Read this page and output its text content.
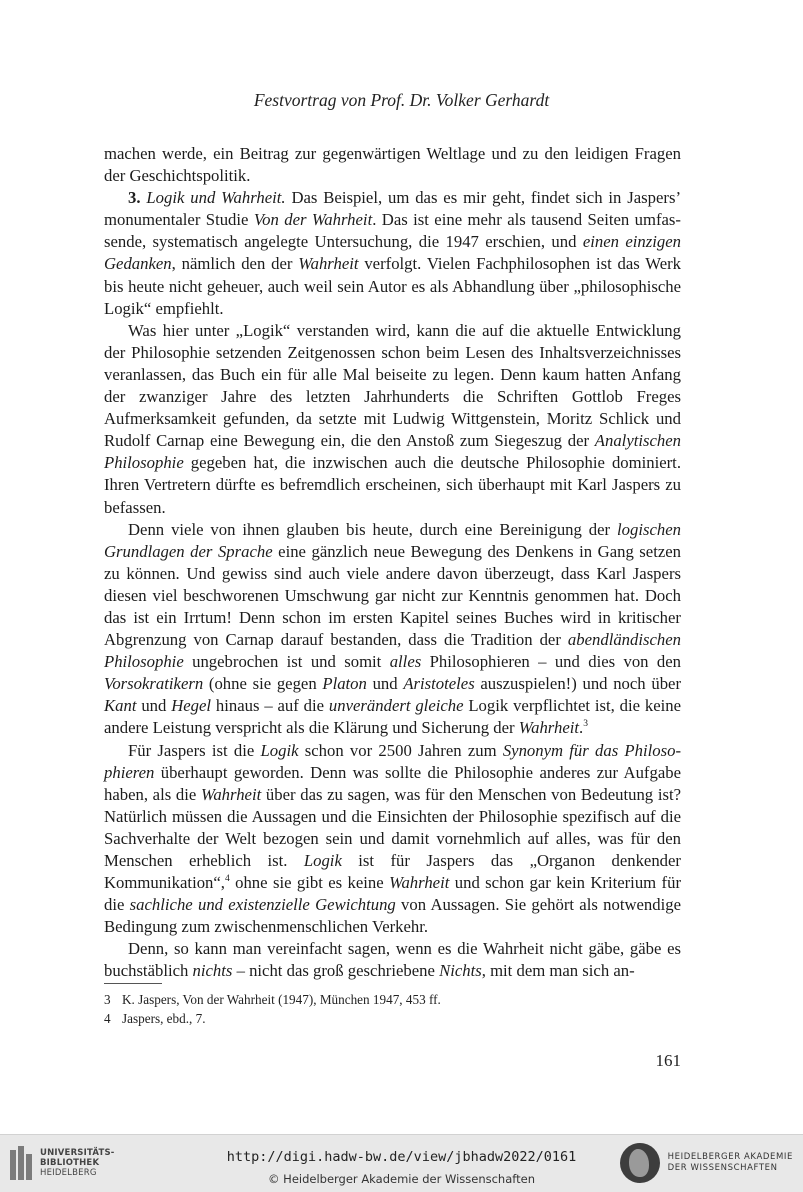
Festvortrag von Prof. Dr. Volker Gerhardt

machen werde, ein Beitrag zur gegenwärtigen Weltlage und zu den leidigen Fragen der Geschichtspolitik.

3. Logik und Wahrheit. Das Beispiel, um das es mir geht, findet sich in Jaspers’ monumentaler Studie Von der Wahrheit. Das ist eine mehr als tausend Seiten umfassende, systematisch angelegte Untersuchung, die 1947 erschien, und einen einzigen Gedanken, nämlich den der Wahrheit verfolgt. Vielen Fachphilosophen ist das Werk bis heute nicht geheuer, auch weil sein Autor es als Abhandlung über „philosophische Logik“ empfiehlt.

Was hier unter „Logik“ verstanden wird, kann die auf die aktuelle Entwicklung der Philosophie setzenden Zeitgenossen schon beim Lesen des Inhaltsverzeichnisses veranlassen, das Buch ein für alle Mal beiseite zu legen. Denn kaum hatten Anfang der zwanziger Jahre des letzten Jahrhunderts die Schriften Gottlob Freges Aufmerksamkeit gefunden, da setzte mit Ludwig Wittgenstein, Moritz Schlick und Rudolf Carnap eine Bewegung ein, die den Anstoß zum Siegeszug der Analytischen Philosophie gegeben hat, die inzwischen auch die deutsche Philosophie dominiert. Ihren Vertretern dürfte es befremdlich erscheinen, sich überhaupt mit Karl Jaspers zu befassen.

Denn viele von ihnen glauben bis heute, durch eine Bereinigung der logischen Grundlagen der Sprache eine gänzlich neue Bewegung des Denkens in Gang setzen zu können. Und gewiss sind auch viele andere davon überzeugt, dass Karl Jaspers diesen viel beschworenen Umschwung gar nicht zur Kenntnis genommen hat. Doch das ist ein Irrtum! Denn schon im ersten Kapitel seines Buches wird in kritischer Abgrenzung von Carnap darauf bestanden, dass die Tradition der abendländischen Philosophie ungebrochen ist und somit alles Philosophieren – und dies von den Vorsokratikern (ohne sie gegen Platon und Aristoteles auszuspielen!) und noch über Kant und Hegel hinaus – auf die unverändert gleiche Logik verpflichtet ist, die keine andere Leistung verspricht als die Klärung und Sicherung der Wahrheit.$^3$

Für Jaspers ist die Logik schon vor 2500 Jahren zum Synonym für das Philosophieren überhaupt geworden. Denn was sollte die Philosophie anderes zur Aufgabe haben, als die Wahrheit über das zu sagen, was für den Menschen von Bedeutung ist? Natürlich müssen die Aussagen und die Einsichten der Philosophie spezifisch auf die Sachverhalte der Welt bezogen sein und damit vornehmlich auf alles, was für den Menschen erheblich ist. Logik ist für Jaspers das „Organon denkender Kommunikation“,$^4$ ohne sie gibt es keine Wahrheit und schon gar kein Kriterium für die sachliche und existenzielle Gewichtung von Aussagen. Sie gehört als notwendige Bedingung zum zwischenmenschlichen Verkehr.

Denn, so kann man vereinfacht sagen, wenn es die Wahrheit nicht gäbe, gäbe es buchstäblich nichts – nicht das groß geschriebene Nichts, mit dem man sich an-

3 K. Jaspers, Von der Wahrheit (1947), München 1947, 453 ff.
4 Jaspers, ebd., 7.
161
UNIVERSITÄTS-
BIBLIOTHEK
HEIDELBERG
http://digi.hadw-bw.de/view/jbhadw2022/0161
© Heidelberger Akademie der Wissenschaften
HEIDELBERGER AKADEMIE
DER WISSENSCHAFTEN
